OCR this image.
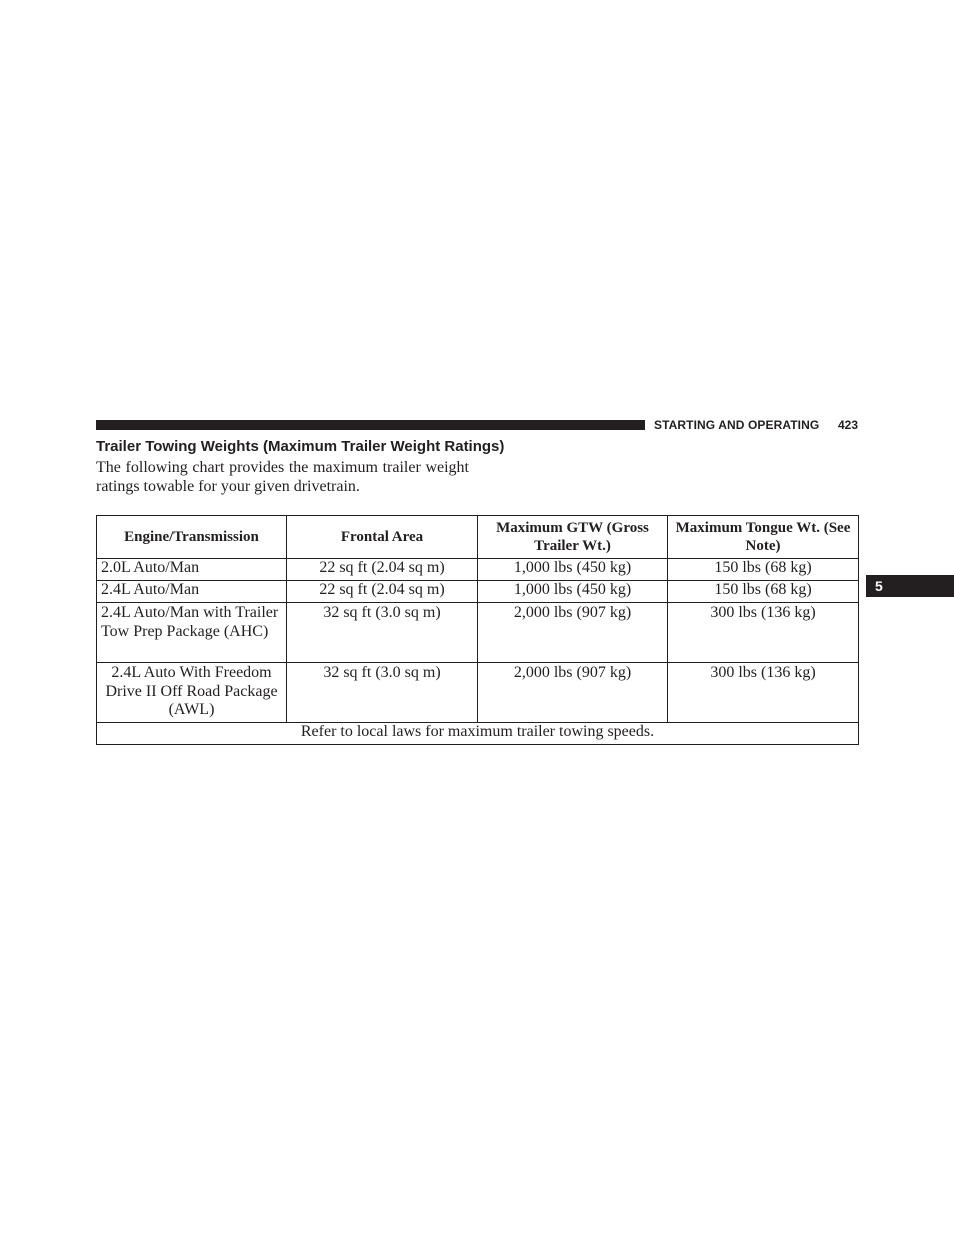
STARTING AND OPERATING 423
Trailer Towing Weights (Maximum Trailer Weight Ratings)
The following chart provides the maximum trailer weight ratings towable for your given drivetrain.
5
Engine/Transmission	Frontal Area	Maximum GTW (Gross Trailer Wt.)	Maximum Tongue Wt. (See Note)
2.0L Auto/Man	22 sq ft (2.04 sq m)	1,000 lbs (450 kg)	150 lbs (68 kg)
2.4L Auto/Man	22 sq ft (2.04 sq m)	1,000 lbs (450 kg)	150 lbs (68 kg)
2.4L Auto/Man with Trailer Tow Prep Package (AHC)	32 sq ft (3.0 sq m)	2,000 lbs (907 kg)	300 lbs (136 kg)
2.4L Auto With Freedom Drive II Off Road Package (AWL)	32 sq ft (3.0 sq m)	2,000 lbs (907 kg)	300 lbs (136 kg)
Refer to local laws for maximum trailer towing speeds.			
